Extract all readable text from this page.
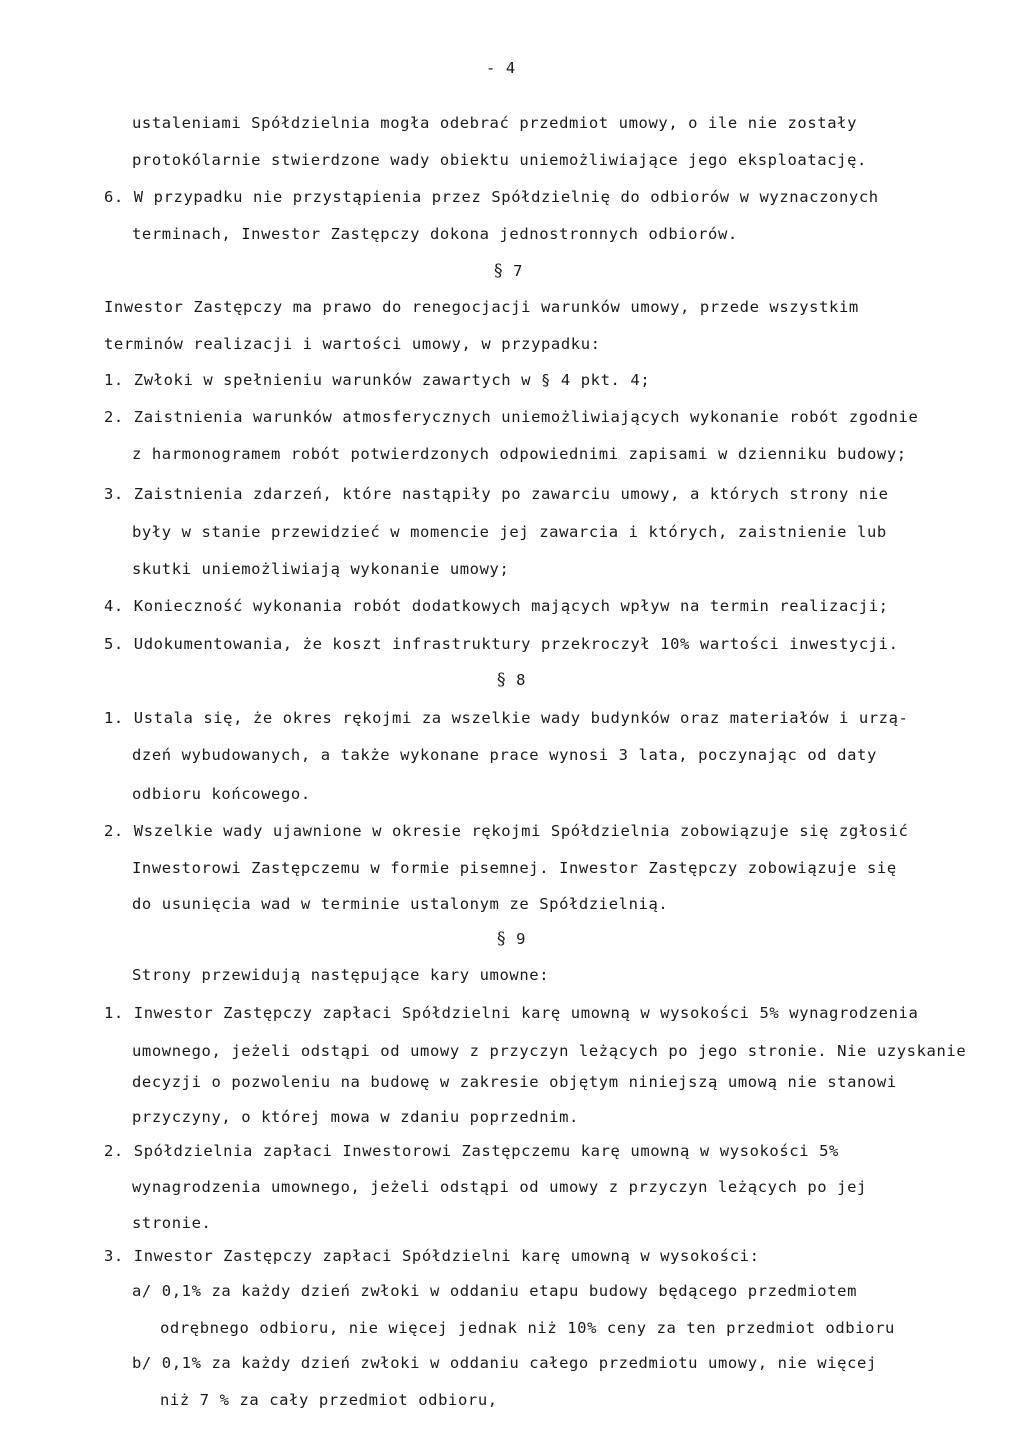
- 4
ustaleniami Spółdzielnia mogła odebrać przedmiot umowy, o ile nie zostały
protokólarnie stwierdzone wady obiektu uniemożliwiające jego eksploatację.
6. W przypadku nie przystąpienia przez Spółdzielnię do odbiorów w wyznaczonych
terminach, Inwestor Zastępczy dokona jednostronnych odbiorów.
§ 7
Inwestor Zastępczy ma prawo do renegocjacji warunków umowy, przede wszystkim
terminów realizacji i wartości umowy, w przypadku:
1. Zwłoki w spełnieniu warunków zawartych w § 4 pkt. 4;
2. Zaistnienia warunków atmosferycznych uniemożliwiających wykonanie robót zgodnie
z harmonogramem robót potwierdzonych odpowiednimi zapisami w dzienniku budowy;
3. Zaistnienia zdarzeń, które nastąpiły po zawarciu umowy, a których strony nie
były w stanie przewidzieć w momencie jej zawarcia i których, zaistnienie lub
skutki uniemożliwiają wykonanie umowy;
4. Konieczność wykonania robót dodatkowych mających wpływ na termin realizacji;
5. Udokumentowania, że koszt infrastruktury przekroczył 10% wartości inwestycji.
§ 8
1. Ustala się, że okres rękojmi za wszelkie wady budynków oraz materiałów i urzą-
dzeń wybudowanych, a także wykonane prace wynosi 3 lata, poczynając od daty
odbioru końcowego.
2. Wszelkie wady ujawnione w okresie rękojmi Spółdzielnia zobowiązuje się zgłosić
Inwestorowi Zastępczemu w formie pisemnej. Inwestor Zastępczy zobowiązuje się
do usunięcia wad w terminie ustalonym ze Spółdzielnią.
§ 9
Strony przewidują następujące kary umowne:
1. Inwestor Zastępczy zapłaci Spółdzielni karę umowną w wysokości 5% wynagrodzenia
umownego, jeżeli odstąpi od umowy z przyczyn leżących po jego stronie. Nie uzyskanie
decyzji o pozwoleniu na budowę w zakresie objętym niniejszą umową nie stanowi
przyczyny, o której mowa w zdaniu poprzednim.
2. Spółdzielnia zapłaci Inwestorowi Zastępczemu karę umowną w wysokości 5%
wynagrodzenia umownego, jeżeli odstąpi od umowy z przyczyn leżących po jej
stronie.
3. Inwestor Zastępczy zapłaci Spółdzielni karę umowną w wysokości:
a/ 0,1% za każdy dzień zwłoki w oddaniu etapu budowy będącego przedmiotem
odrębnego odbioru, nie więcej jednak niż 10% ceny za ten przedmiot odbioru
b/ 0,1% za każdy dzień zwłoki w oddaniu całego przedmiotu umowy, nie więcej
niż 7 % za cały przedmiot odbioru,
